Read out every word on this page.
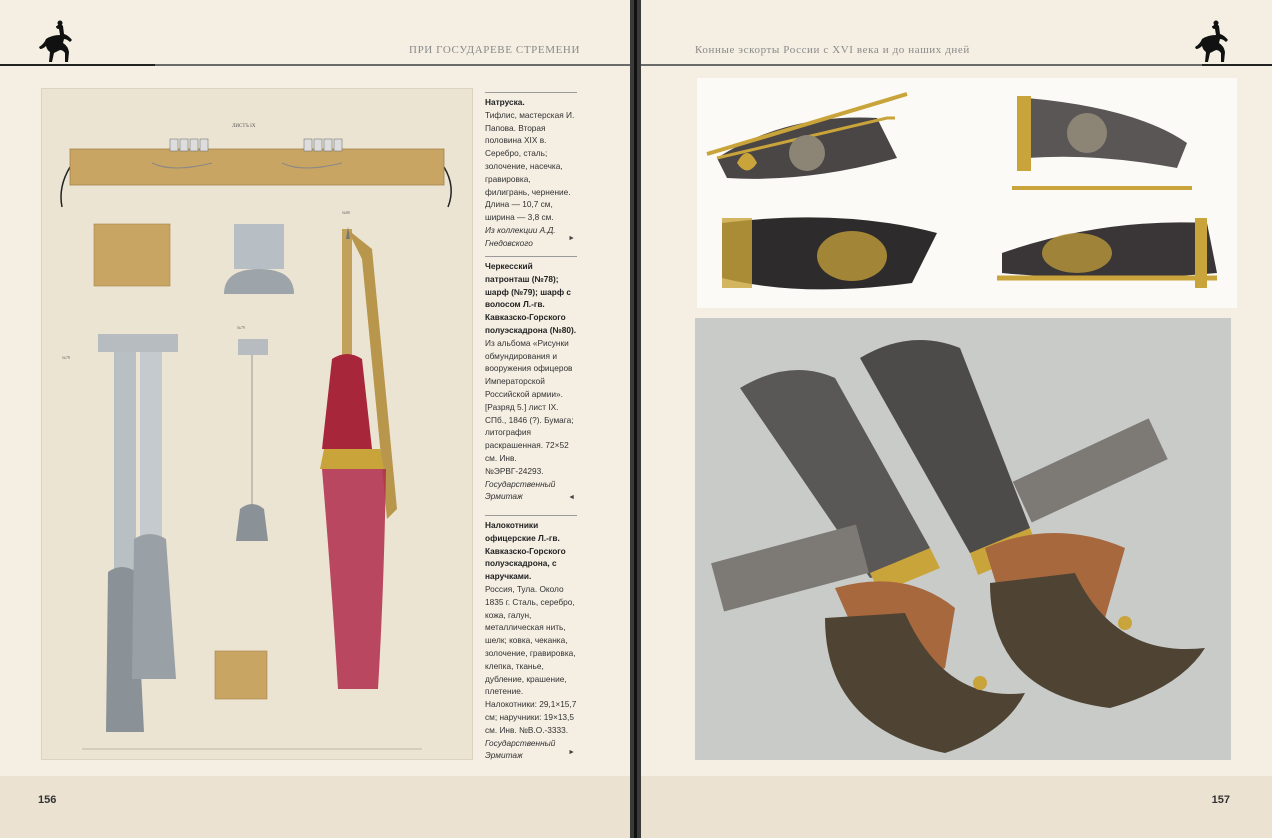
ПРИ ГОСУДАРЕВЕ СТРЕМЕНИ
ЛИСТЪ IX
№78
№79
№80
Натруска.
Тифлис, мастерская И. Папова. Вторая половина XIX в. Серебро, сталь; золочение, насечка, гравировка, филигрань, чернение. Длина — 10,7 см, ширина — 3,8 см.
Из коллекции А.Д. Гнедовского	►
Черкесский патронташ (№78); шарф (№79); шарф с волосом Л.-гв. Кавказско-Горского полуэскадрона (№80).
Из альбома «Рисунки обмундирования и вооружения офицеров Императорской Российской армии». [Разряд 5.] лист IX. СПб., 1846 (?). Бумага; литография раскрашенная. 72×52 см. Инв. №ЭРВГ-24293.
Государственный Эрмитаж	◄
Налокотники офицерские Л.-гв. Кавказско-Горского полуэскадрона, с наручками.
Россия, Тула. Около 1835 г. Сталь, серебро, кожа, галун, металлическая нить, шелк; ковка, чеканка, золочение, гравировка, клепка, тканье, дубление, крашение, плетение. Налокотники: 29,1×15,7 см; наручники: 19×13,5 см. Инв. №В.О.-3333.
Государственный Эрмитаж	►
156
Конные эскорты России с XVI века и до наших дней
157
